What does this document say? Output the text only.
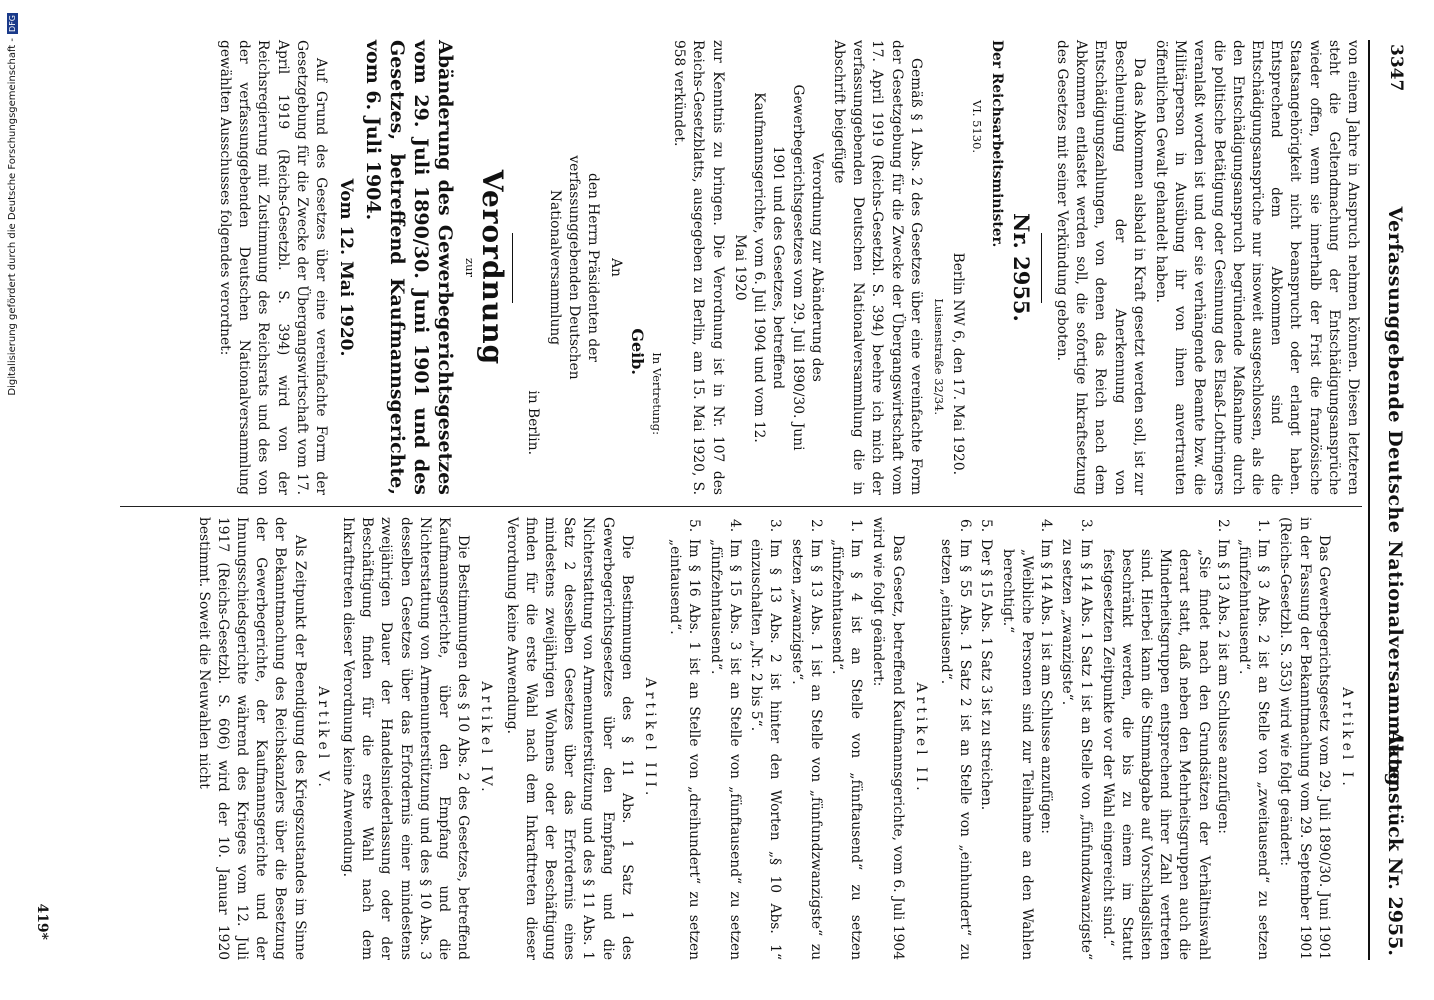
3347
Verfassunggebende Deutsche Nationalversammlung.
Aktenstück Nr. 2955.

von einem Jahre in Anspruch nehmen können. Diesen letzteren steht die Geltendmachung der Entschädigungsansprüche wieder offen, wenn sie innerhalb der Frist die französische Staatsangehörigkeit nicht beansprucht oder erlangt haben. Entsprechend dem Abkommen sind die Entschädigungsansprüche nur insoweit ausgeschlossen, als die den Entschädigungsanspruch begründende Maßnahme durch die politische Betätigung oder Gesinnung des Elsaß-Lothringers veranlaßt worden ist und der sie verhängende Beamte bzw. die Militärperson in Ausübung ihr von ihnen anvertrauten öffentlichen Gewalt gehandelt haben.

Da das Abkommen alsbald in Kraft gesetzt werden soll, ist zur Beschleunigung der Anerkennung von Entschädigungszahlungen, von denen das Reich nach dem Abkommen entlastet werden soll, die sofortige Inkraftsetzung des Gesetzes mit seiner Verkündung geboten.

Nr. 2955.
Der Reichsarbeitsminister.
VI. 5130.
Berlin NW 6, den 17. Mai 1920.
Luisenstraße 32/34.

Gemäß § 1 Abs. 2 des Gesetzes über eine vereinfachte Form der Gesetzgebung für die Zwecke der Übergangswirtschaft vom 17. April 1919 (Reichs-Gesetzbl. S. 394) beehre ich mich der verfassunggebenden Deutschen Nationalversammlung die in Abschrift beigefügte

Verordnung zur Abänderung des Gewerbegerichtsgesetzes vom 29. Juli 1890/30. Juni 1901 und des Gesetzes, betreffend Kaufmannsgerichte, vom 6. Juli 1904 und vom 12. Mai 1920

zur Kenntnis zu bringen. Die Verordnung ist in Nr. 107 des Reichs-Gesetzblatts, ausgegeben zu Berlin, am 15. Mai 1920, S. 958 verkündet.

In Vertretung:
Geib.
An
den Herrn Präsidenten der verfassunggebenden Deutschen Nationalversammlung
in Berlin.
Verordnung
zur
Abänderung des Gewerbegerichtsgesetzes vom 29. Juli 1890/30. Juni 1901 und des Gesetzes, betreffend Kaufmannsgerichte, vom 6. Juli 1904.
Vom 12. Mai 1920.

Auf Grund des Gesetzes über eine vereinfachte Form der Gesetzgebung für die Zwecke der Übergangswirtschaft vom 17. April 1919 (Reichs-Gesetzbl. S. 394) wird von der Reichsregierung mit Zustimmung des Reichsrats und des von der verfassunggebenden Deutschen Nationalversammlung gewählten Ausschusses folgendes verordnet:

Artikel I.

Das Gewerbegerichtsgesetz vom 29. Juli 1890/30. Juni 1901 in der Fassung der Bekanntmachung vom 29. September 1901 (Reichs-Gesetzbl. S. 353) wird wie folgt geändert:

1.
Im § 3 Abs. 2 ist an Stelle von „zweitausend“ zu setzen „fünfzehntausend“.
2.
Im § 13 Abs. 2 ist am Schlusse anzufügen:
„Sie findet nach den Grundsätzen der Verhältniswahl derart statt, daß neben den Mehrheitsgruppen auch die Minderheitsgruppen entsprechend ihrer Zahl vertreten sind. Hierbei kann die Stimmabgabe auf Vorschlagslisten beschränkt werden, die bis zu einem im Statut festgesetzten Zeitpunkte vor der Wahl eingereicht sind.“
3.
Im § 14 Abs. 1 Satz 1 ist an Stelle von „fünfundzwanzigste“ zu setzen „zwanzigste“.
4.
Im § 14 Abs. 1 ist am Schlusse anzufügen:
„Weibliche Personen sind zur Teilnahme an den Wahlen berechtigt.“
5.
Der § 15 Abs. 1 Satz 3 ist zu streichen.
6.
Im § 55 Abs. 1 Satz 2 ist an Stelle von „einhundert“ zu setzen „eintausend“.
Artikel II.

Das Gesetz, betreffend Kaufmannsgerichte, vom 6. Juli 1904 wird wie folgt geändert:

1.
Im § 4 ist an Stelle von „fünftausend“ zu setzen „fünfzehntausend“.
2.
Im § 13 Abs. 1 ist an Stelle von „fünfundzwanzigste“ zu setzen „zwanzigste“.
3.
Im § 13 Abs. 2 ist hinter den Worten „§ 10 Abs. 1“ einzuschalten „Nr. 2 bis 5“.
4.
Im § 15 Abs. 3 ist an Stelle von „fünftausend“ zu setzen „fünfzehntausend“.
5.
Im § 16 Abs. 1 ist an Stelle von „dreihundert“ zu setzen „eintausend“.
Artikel III.

Die Bestimmungen des § 11 Abs. 1 Satz 1 des Gewerbegerichtsgesetzes über den Empfang und die Nichterstattung von Armenunterstützung und des § 11 Abs. 1 Satz 2 desselben Gesetzes über das Erfordernis eines mindestens zweijährigen Wohnens oder der Beschäftigung finden für die erste Wahl nach dem Inkrafttreten dieser Verordnung keine Anwendung.

Artikel IV.

Die Bestimmungen des § 10 Abs. 2 des Gesetzes, betreffend Kaufmannsgerichte, über den Empfang und die Nichterstattung von Armenunterstützung und des § 10 Abs. 3 desselben Gesetzes über das Erfordernis einer mindestens zweijährigen Dauer der Handelsniederlassung oder der Beschäftigung finden für die erste Wahl nach dem Inkrafttreten dieser Verordnung keine Anwendung.

Artikel V.

Als Zeitpunkt der Beendigung des Kriegszustandes im Sinne der Bekanntmachung des Reichskanzlers über die Besetzung der Gewerbegerichte, der Kaufmannsgerichte und der Innungsschiedsgerichte während des Krieges vom 12. Juli 1917 (Reichs-Gesetzbl. S. 606) wird der 10. Januar 1920 bestimmt. Soweit die Neuwahlen nicht

419*
Digitalisierung gefördert durch die Deutsche Forschungsgemeinschaft -
DFG
